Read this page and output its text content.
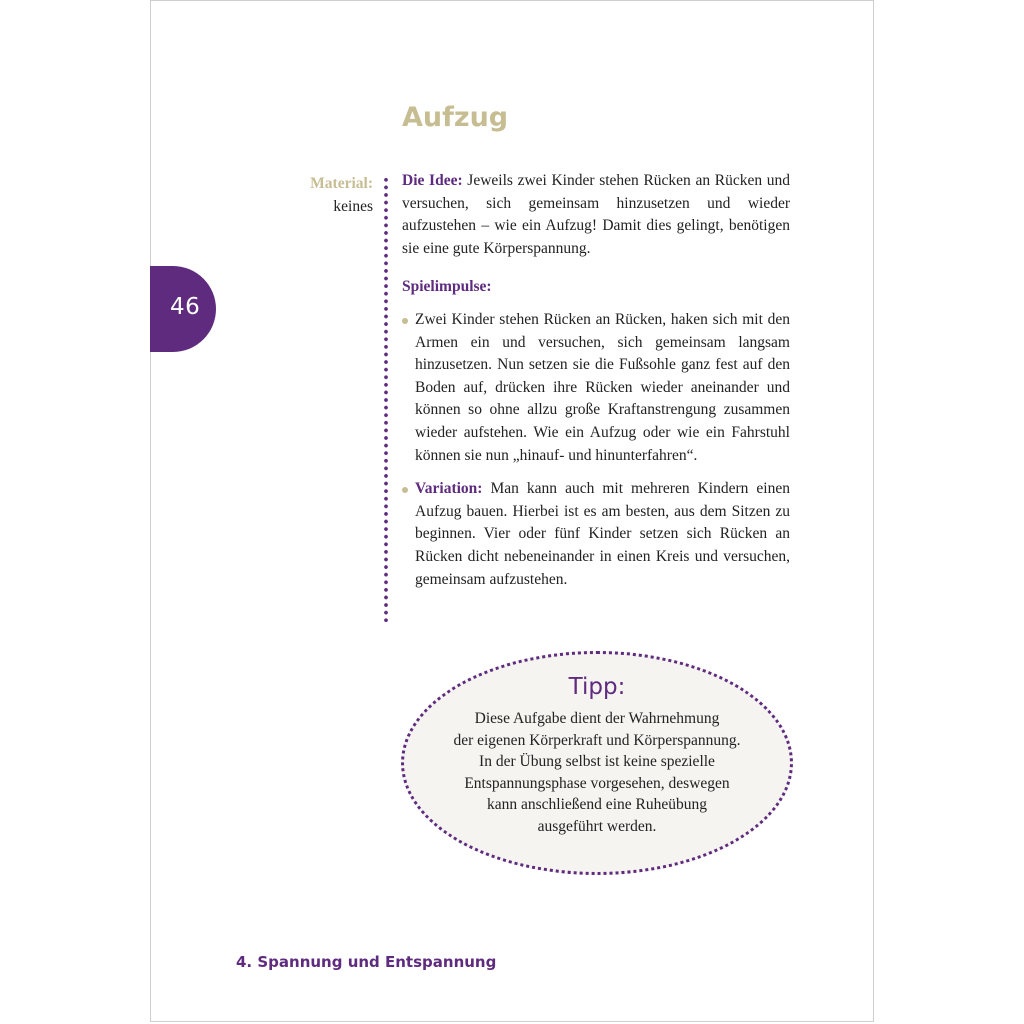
46
Aufzug
Material:
keines

Die Idee: Jeweils zwei Kinder stehen Rücken an Rücken und versuchen, sich gemeinsam hinzusetzen und wieder aufzustehen – wie ein Aufzug! Damit dies gelingt, benötigen sie eine gute Körperspannung.

Spielimpulse:

Zwei Kinder stehen Rücken an Rücken, haken sich mit den Armen ein und versuchen, sich gemeinsam langsam hinzusetzen. Nun setzen sie die Fußsohle ganz fest auf den Boden auf, drücken ihre Rücken wieder aneinander und können so ohne allzu große Kraftanstrengung zusammen wieder aufstehen. Wie ein Aufzug oder wie ein Fahrstuhl können sie nun „hinauf- und hinunterfahren“.
Variation: Man kann auch mit mehreren Kindern einen Aufzug bauen. Hierbei ist es am besten, aus dem Sitzen zu beginnen. Vier oder fünf Kinder setzen sich Rücken an Rücken dicht nebeneinander in einen Kreis und versuchen, gemeinsam aufzustehen.
Tipp:

Diese Aufgabe dient der Wahrnehmung
der eigenen Körperkraft und Körperspannung.
In der Übung selbst ist keine spezielle
Entspannungsphase vorgesehen, deswegen
kann anschließend eine Ruheübung
ausgeführt werden.

4. Spannung und Entspannung
